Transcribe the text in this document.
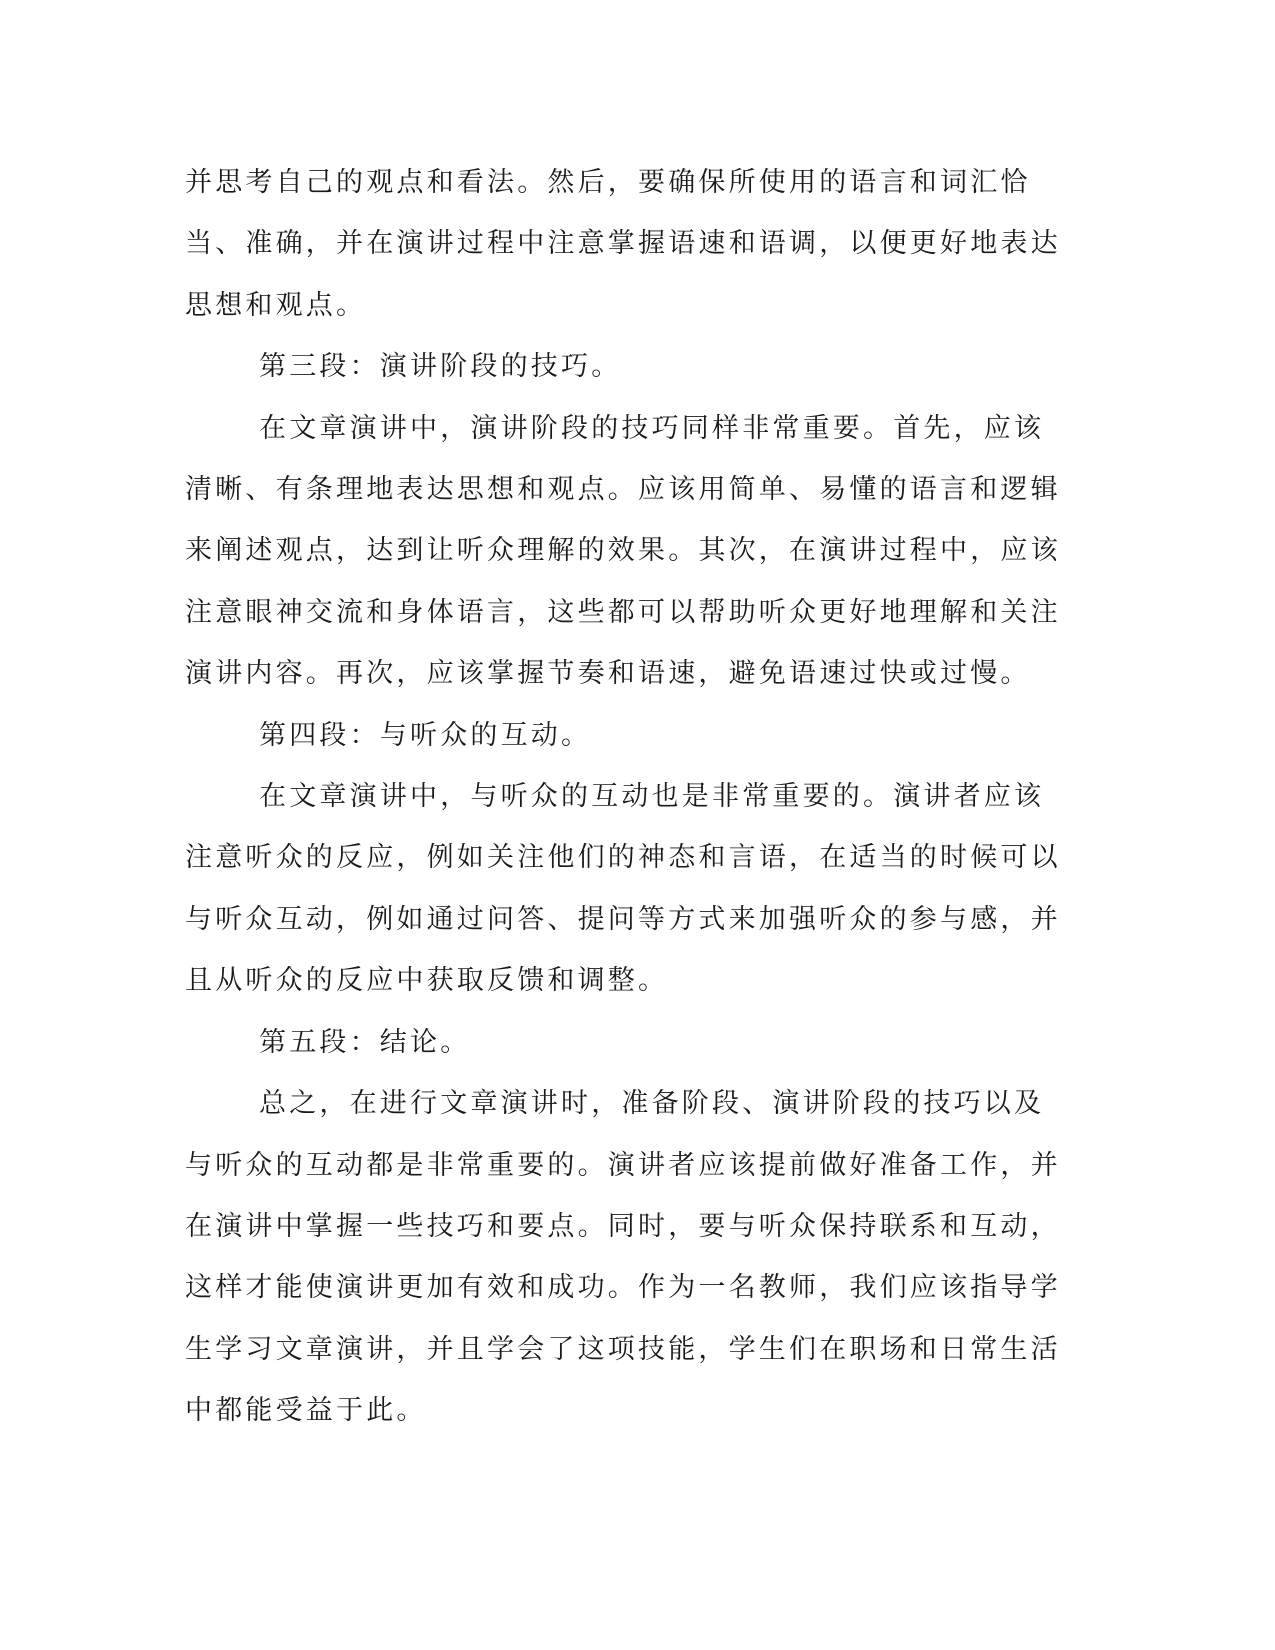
并思考自己的观点和看法。然后，要确保所使用的语言和词汇恰当、准确，并在演讲过程中注意掌握语速和语调，以便更好地表达思想和观点。

第三段：演讲阶段的技巧。

在文章演讲中，演讲阶段的技巧同样非常重要。首先，应该清晰、有条理地表达思想和观点。应该用简单、易懂的语言和逻辑来阐述观点，达到让听众理解的效果。其次，在演讲过程中，应该注意眼神交流和身体语言，这些都可以帮助听众更好地理解和关注演讲内容。再次，应该掌握节奏和语速，避免语速过快或过慢。

第四段：与听众的互动。

在文章演讲中，与听众的互动也是非常重要的。演讲者应该注意听众的反应，例如关注他们的神态和言语，在适当的时候可以与听众互动，例如通过问答、提问等方式来加强听众的参与感，并且从听众的反应中获取反馈和调整。

第五段：结论。

总之，在进行文章演讲时，准备阶段、演讲阶段的技巧以及与听众的互动都是非常重要的。演讲者应该提前做好准备工作，并在演讲中掌握一些技巧和要点。同时，要与听众保持联系和互动，这样才能使演讲更加有效和成功。作为一名教师，我们应该指导学生学习文章演讲，并且学会了这项技能，学生们在职场和日常生活中都能受益于此。
